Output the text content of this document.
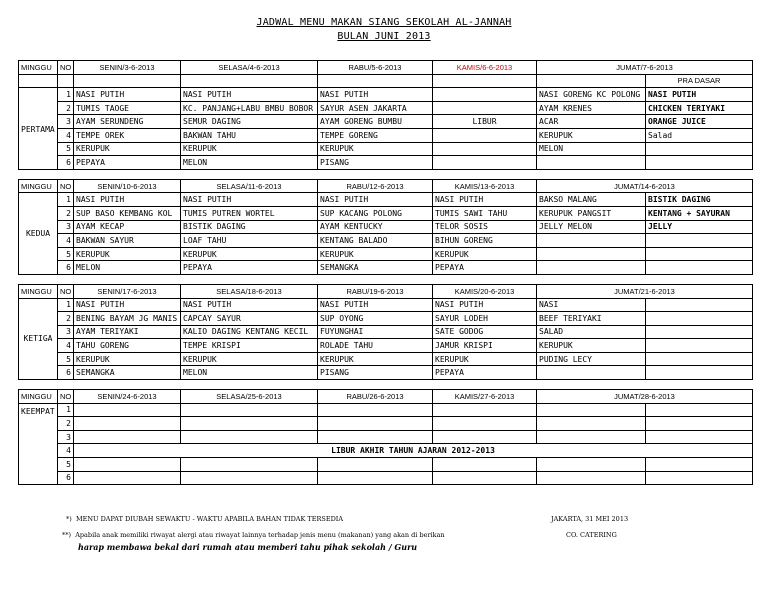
JADWAL MENU MAKAN SIANG SEKOLAH AL-JANNAH
BULAN JUNI 2013
MINGGU	NO	SENIN/3-6-2013	SELASA/4-6-2013	RABU/5-6-2013	KAMIS/6-6-2013	JUMAT/7-6-2013	
							PRA DASAR
PERTAMA	1	NASI PUTIH	NASI PUTIH	NASI PUTIH		NASI GORENG KC POLONG	NASI PUTIH
	2	TUMIS TAOGE	KC. PANJANG+LABU BMBU BOBOR	SAYUR ASEN JAKARTA		AYAM KRENES	CHICKEN TERIYAKI
	3	AYAM SERUNDENG	SEMUR DAGING	AYAM GORENG BUMBU	LIBUR	ACAR	ORANGE JUICE
	4	TEMPE OREK	BAKWAN TAHU	TEMPE GORENG		KERUPUK	Salad
	5	KERUPUK	KERUPUK	KERUPUK		MELON	
	6	PEPAYA	MELON	PISANG			

MINGGU	NO	SENIN/10-6-2013	SELASA/11-6-2013	RABU/12-6-2013	KAMIS/13-6-2013	JUMAT/14-6-2013	
KEDUA	1	NASI PUTIH	NASI PUTIH	NASI PUTIH	NASI PUTIH	BAKSO MALANG	BISTIK DAGING
	2	SUP BASO KEMBANG KOL	TUMIS PUTREN WORTEL	SUP KACANG POLONG	TUMIS SAWI TAHU	KERUPUK PANGSIT	KENTANG + SAYURAN
	3	AYAM KECAP	BISTIK DAGING	AYAM KENTUCKY	TELOR SOSIS	JELLY MELON	JELLY
	4	BAKWAN SAYUR	LOAF TAHU	KENTANG BALADO	BIHUN GORENG		
	5	KERUPUK	KERUPUK	KERUPUK	KERUPUK		
	6	MELON	PEPAYA	SEMANGKA	PEPAYA		

MINGGU	NO	SENIN/17-6-2013	SELASA/18-6-2013	RABU/19-6-2013	KAMIS/20-6-2013	JUMAT/21-6-2013	
KETIGA	1	NASI PUTIH	NASI PUTIH	NASI PUTIH	NASI PUTIH	NASI	
	2	BENING BAYAM JG MANIS	CAPCAY SAYUR	SUP OYONG	SAYUR LODEH	BEEF TERIYAKI	
	3	AYAM TERIYAKI	KALIO DAGING KENTANG KECIL	FUYUNGHAI	SATE GODOG	SALAD	
	4	TAHU GORENG	TEMPE KRISPI	ROLADE TAHU	JAMUR KRISPI	KERUPUK	
	5	KERUPUK	KERUPUK	KERUPUK	KERUPUK	PUDING LECY	
	6	SEMANGKA	MELON	PISANG	PEPAYA		

MINGGU	NO	SENIN/24-6-2013	SELASA/25-6-2013	RABU/26-6-2013	KAMIS/27-6-2013	JUMAT/28-6-2013	
KEEMPAT	1						
	2						
	3						
	4	LIBUR AKHIR TAHUN AJARAN 2012-2013					
	5						
	6						
*) MENU DAPAT DIUBAH SEWAKTU - WAKTU APABILA BAHAN TIDAK TERSEDIA
**) Apabila anak memiliki riwayat alergi atau riwayat lainnya terhadap jenis menu (makanan) yang akan di berikan
harap membawa bekal dari rumah atau memberi tahu pihak sekolah / Guru
JAKARTA, 31 MEI 2013
CO. CATERING
